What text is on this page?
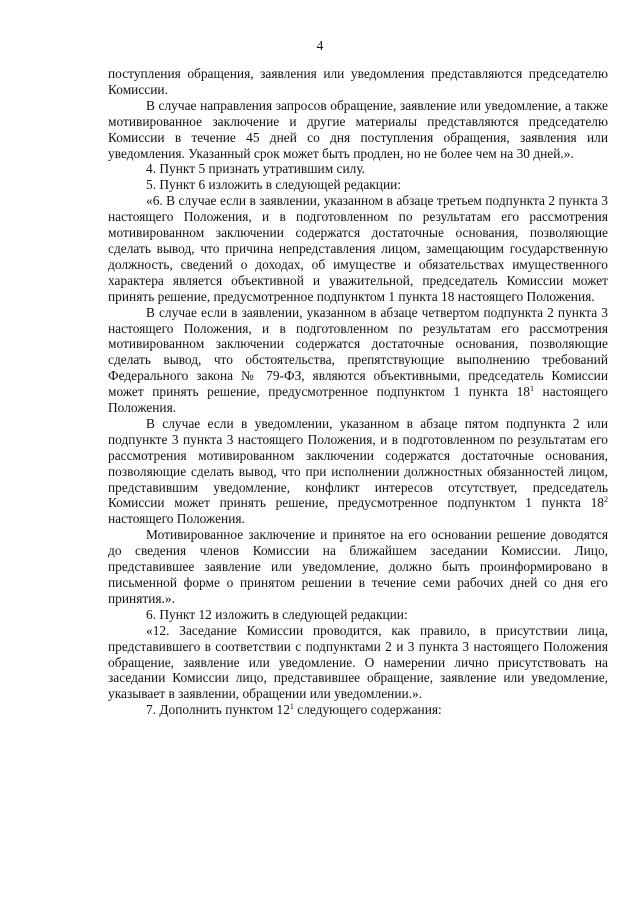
4

поступления обращения, заявления или уведомления представляются председателю Комиссии.

В случае направления запросов обращение, заявление или уведомление, а также мотивированное заключение и другие материалы представляются председателю Комиссии в течение 45 дней со дня поступления обращения, заявления или уведомления. Указанный срок может быть продлен, но не более чем на 30 дней.».

4. Пункт 5 признать утратившим силу.

5. Пункт 6 изложить в следующей редакции:

«6. В случае если в заявлении, указанном в абзаце третьем подпункта 2 пункта 3 настоящего Положения, и в подготовленном по результатам его рассмотрения мотивированном заключении содержатся достаточные основания, позволяющие сделать вывод, что причина непредставления лицом, замещающим государственную должность, сведений о доходах, об имуществе и обязательствах имущественного характера является объективной и уважительной, председатель Комиссии может принять решение, предусмотренное подпунктом 1 пункта 18 настоящего Положения.

В случае если в заявлении, указанном в абзаце четвертом подпункта 2 пункта 3 настоящего Положения, и в подготовленном по результатам его рассмотрения мотивированном заключении содержатся достаточные основания, позволяющие сделать вывод, что обстоятельства, препятствующие выполнению требований Федерального закона № 79-ФЗ, являются объективными, председатель Комиссии может принять решение, предусмотренное подпунктом 1 пункта $18^1$ настоящего Положения.

В случае если в уведомлении, указанном в абзаце пятом подпункта 2 или подпункте 3 пункта 3 настоящего Положения, и в подготовленном по результатам его рассмотрения мотивированном заключении содержатся достаточные основания, позволяющие сделать вывод, что при исполнении должностных обязанностей лицом, представившим уведомление, конфликт интересов отсутствует, председатель Комиссии может принять решение, предусмотренное подпунктом 1 пункта $18^2$ настоящего Положения.

Мотивированное заключение и принятое на его основании решение доводятся до сведения членов Комиссии на ближайшем заседании Комиссии. Лицо, представившее заявление или уведомление, должно быть проинформировано в письменной форме о принятом решении в течение семи рабочих дней со дня его принятия.».

6. Пункт 12 изложить в следующей редакции:

«12. Заседание Комиссии проводится, как правило, в присутствии лица, представившего в соответствии с подпунктами 2 и 3 пункта 3 настоящего Положения обращение, заявление или уведомление. О намерении лично присутствовать на заседании Комиссии лицо, представившее обращение, заявление или уведомление, указывает в заявлении, обращении или уведомлении.».

7. Дополнить пунктом $12^1$ следующего содержания:
